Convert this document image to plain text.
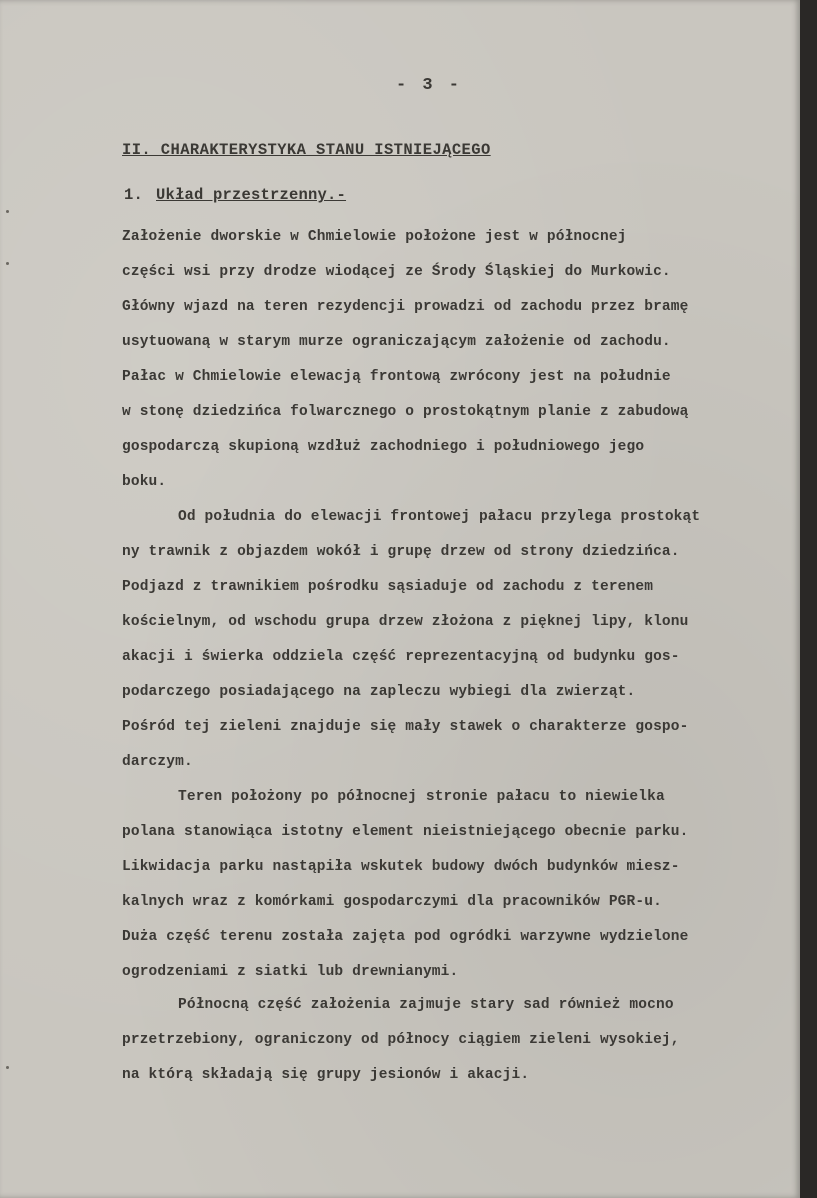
- 3 -
II. CHARAKTERYSTYKA STANU ISTNIEJĄCEGO
1. Układ przestrzenny.-
Założenie dworskie w Chmielowie położone jest w północnej
części wsi przy drodze wiodącej ze Środy Śląskiej do Murkowic.
Główny wjazd na teren rezydencji prowadzi od zachodu przez bramę
usytuowaną w starym murze ograniczającym założenie od zachodu.
Pałac w Chmielowie elewacją frontową zwrócony jest na południe
w stonę dziedzińca folwarcznego o prostokątnym planie z zabudową
gospodarczą skupioną wzdłuż zachodniego i południowego jego
boku.
Od południa do elewacji frontowej pałacu przylega prostokąt
ny trawnik z objazdem wokół i grupę drzew od strony dziedzińca.
Podjazd z trawnikiem pośrodku sąsiaduje od zachodu z terenem
kościelnym, od wschodu grupa drzew złożona z pięknej lipy, klonu
akacji i świerka oddziela część reprezentacyjną od budynku gos-
podarczego posiadającego na zapleczu wybiegi dla zwierząt.
Pośród tej zieleni znajduje się mały stawek o charakterze gospo-
darczym.
Teren położony po północnej stronie pałacu to niewielka
polana stanowiąca istotny element nieistniejącego obecnie parku.
Likwidacja parku nastąpiła wskutek budowy dwóch budynków miesz-
kalnych wraz z komórkami gospodarczymi dla pracowników PGR-u.
Duża część terenu została zajęta pod ogródki warzywne wydzielone
ogrodzeniami z siatki lub drewnianymi.
Północną część założenia zajmuje stary sad również mocno
przetrzebiony, ograniczony od północy ciągiem zieleni wysokiej,
na którą składają się grupy jesionów i akacji.
